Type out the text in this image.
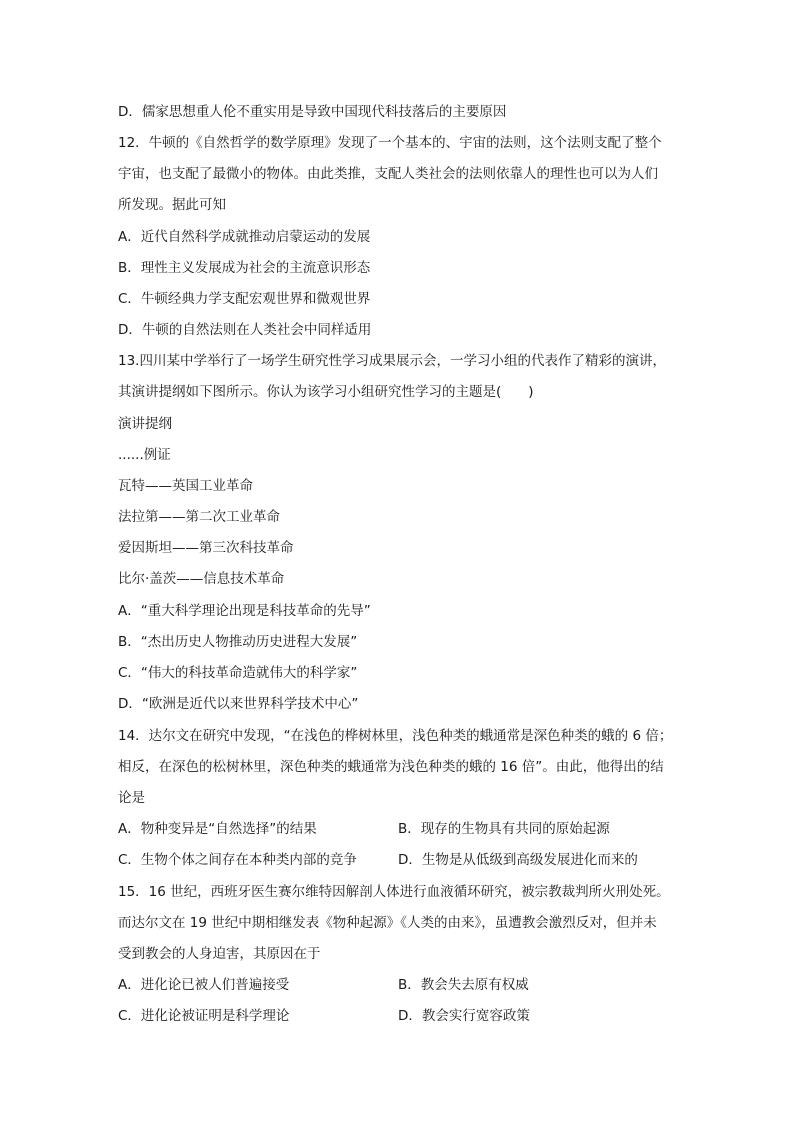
D．儒家思想重人伦不重实用是导致中国现代科技落后的主要原因
12．牛顿的《自然哲学的数学原理》发现了一个基本的、宇宙的法则，这个法则支配了整个
宇宙，也支配了最微小的物体。由此类推，支配人类社会的法则依靠人的理性也可以为人们
所发现。据此可知
A．近代自然科学成就推动启蒙运动的发展
B．理性主义发展成为社会的主流意识形态
C．牛顿经典力学支配宏观世界和微观世界
D．牛顿的自然法则在人类社会中同样适用
13.四川某中学举行了一场学生研究性学习成果展示会，一学习小组的代表作了精彩的演讲，
其演讲提纲如下图所示。你认为该学习小组研究性学习的主题是(　　)
演讲提纲
......例证
瓦特——英国工业革命
法拉第——第二次工业革命
爱因斯坦——第三次科技革命
比尔·盖茨——信息技术革命
A．“重大科学理论出现是科技革命的先导”
B．“杰出历史人物推动历史进程大发展”
C．“伟大的科技革命造就伟大的科学家”
D．“欧洲是近代以来世界科学技术中心”
14．达尔文在研究中发现，“在浅色的桦树林里，浅色种类的蛾通常是深色种类的蛾的 6 倍；
相反，在深色的松树林里，深色种类的蛾通常为浅色种类的蛾的 16 倍”。由此，他得出的结
论是
A．物种变异是“自然选择”的结果	B．现存的生物具有共同的原始起源
C．生物个体之间存在本种类内部的竞争	D．生物是从低级到高级发展进化而来的
15．16 世纪，西班牙医生赛尔维特因解剖人体进行血液循环研究，被宗教裁判所火刑处死。
而达尔文在 19 世纪中期相继发表《物种起源》《人类的由来》，虽遭教会激烈反对，但并未
受到教会的人身迫害，其原因在于
A．进化论已被人们普遍接受	B．教会失去原有权威
C．进化论被证明是科学理论	D．教会实行宽容政策
